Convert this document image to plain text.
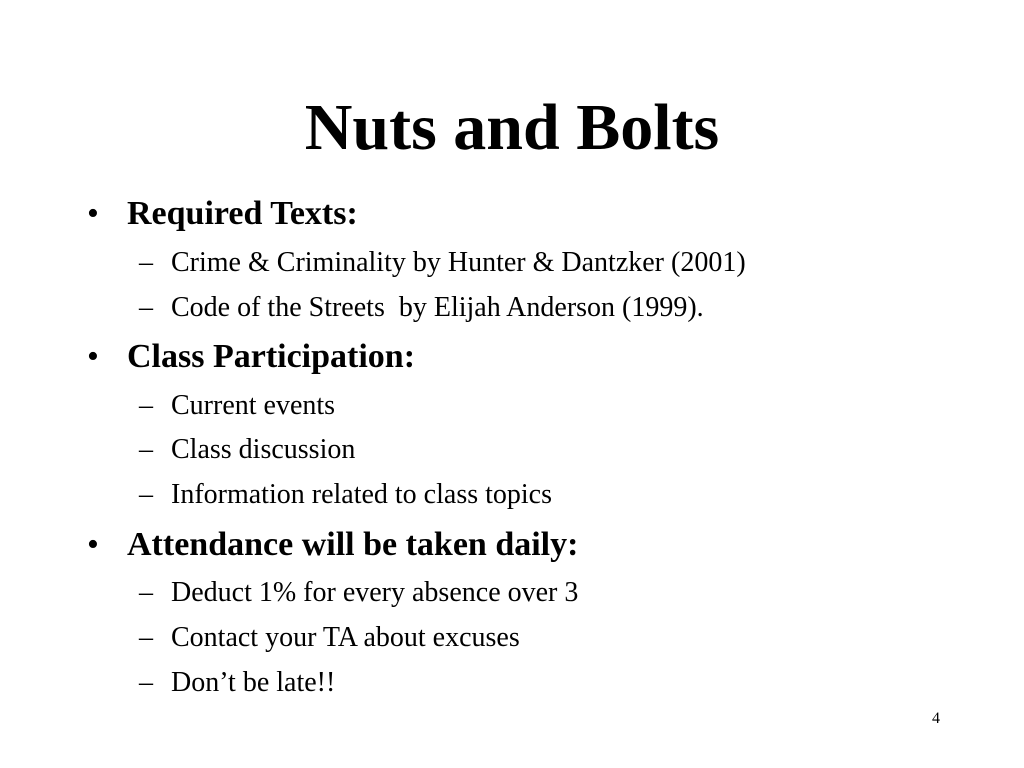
Nuts and Bolts
• Required Texts:
– Crime & Criminality by Hunter & Dantzker (2001)
– Code of the Streets  by Elijah Anderson (1999).
• Class Participation:
– Current events
– Class discussion
– Information related to class topics
• Attendance will be taken daily:
– Deduct 1% for every absence over 3
– Contact your TA about excuses
– Don’t be late!!
4
